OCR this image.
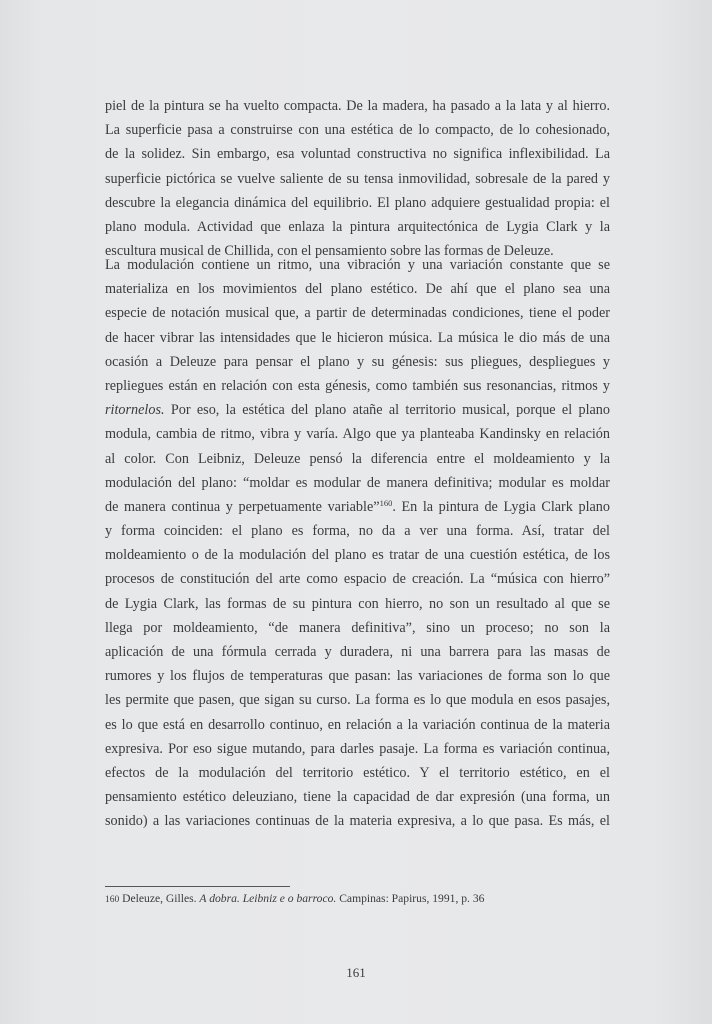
piel de la pintura se ha vuelto compacta. De la madera, ha pasado a la lata y al hierro.
La superficie pasa a construirse con una estética de lo compacto, de lo cohesionado,
de la solidez. Sin embargo, esa voluntad constructiva no significa inflexibilidad. La
superficie pictórica se vuelve saliente de su tensa inmovilidad, sobresale de la pared y
descubre la elegancia dinámica del equilibrio. El plano adquiere gestualidad propia: el
plano modula. Actividad que enlaza la pintura arquitectónica de Lygia Clark y la
escultura musical de Chillida, con el pensamiento sobre las formas de Deleuze.
La modulación contiene un ritmo, una vibración y una variación constante que se
materializa en los movimientos del plano estético. De ahí que el plano sea una
especie de notación musical que, a partir de determinadas condiciones, tiene el poder
de hacer vibrar las intensidades que le hicieron música. La música le dio más de una
ocasión a Deleuze para pensar el plano y su génesis: sus pliegues, despliegues y
repliegues están en relación con esta génesis, como también sus resonancias, ritmos y
ritornelos. Por eso, la estética del plano atañe al territorio musical, porque el plano
modula, cambia de ritmo, vibra y varía. Algo que ya planteaba Kandinsky en relación
al color. Con Leibniz, Deleuze pensó la diferencia entre el moldeamiento y la
modulación del plano: “moldar es modular de manera definitiva; modular es moldar
de manera continua y perpetuamente variable”$^{160}$. En la pintura de Lygia Clark plano
y forma coinciden: el plano es forma, no da a ver una forma. Así, tratar del
moldeamiento o de la modulación del plano es tratar de una cuestión estética, de los
procesos de constitución del arte como espacio de creación. La “música con hierro”
de Lygia Clark, las formas de su pintura con hierro, no son un resultado al que se
llega por moldeamiento, “de manera definitiva”, sino un proceso; no son la
aplicación de una fórmula cerrada y duradera, ni una barrera para las masas de
rumores y los flujos de temperaturas que pasan: las variaciones de forma son lo que
les permite que pasen, que sigan su curso. La forma es lo que modula en esos pasajes,
es lo que está en desarrollo continuo, en relación a la variación continua de la materia
expresiva. Por eso sigue mutando, para darles pasaje. La forma es variación continua,
efectos de la modulación del territorio estético. Y el territorio estético, en el
pensamiento estético deleuziano, tiene la capacidad de dar expresión (una forma, un
sonido) a las variaciones continuas de la materia expresiva, a lo que pasa. Es más, el
160 Deleuze, Gilles. A dobra. Leibniz e o barroco. Campinas: Papirus, 1991, p. 36
161
